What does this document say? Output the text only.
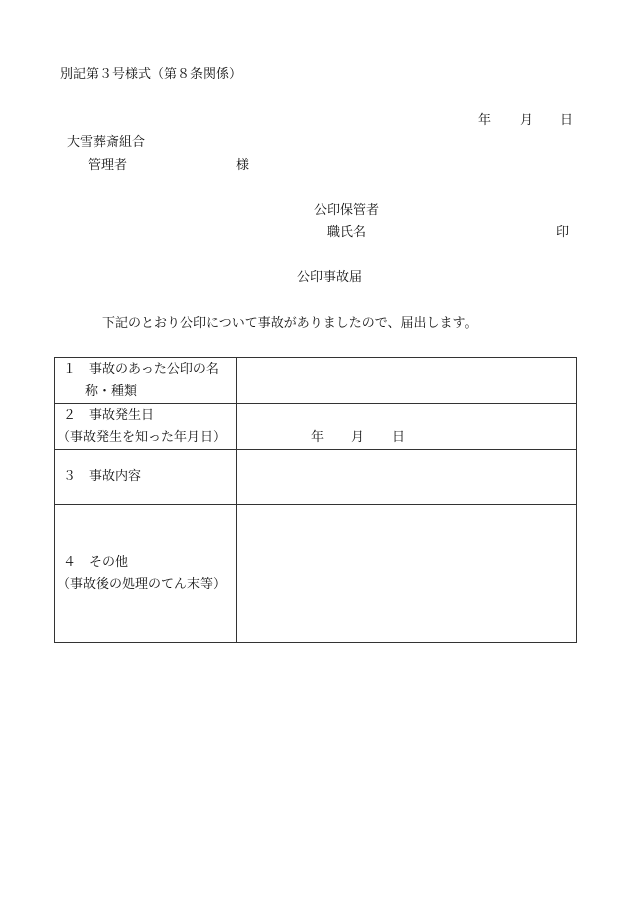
別記第３号様式（第８条関係）
年 月 日
大雪葬斎組合
管理者	様
公印保管者
職氏名	印
公印事故届
下記のとおり公印について事故がありましたので、届出します。
１　事故のあった公印の名
称・種類	

２　事故発生日
（事故発生を知った年月日）	年 月 日

３　事故内容	

４　その他
（事故後の処理のてん末等）	
